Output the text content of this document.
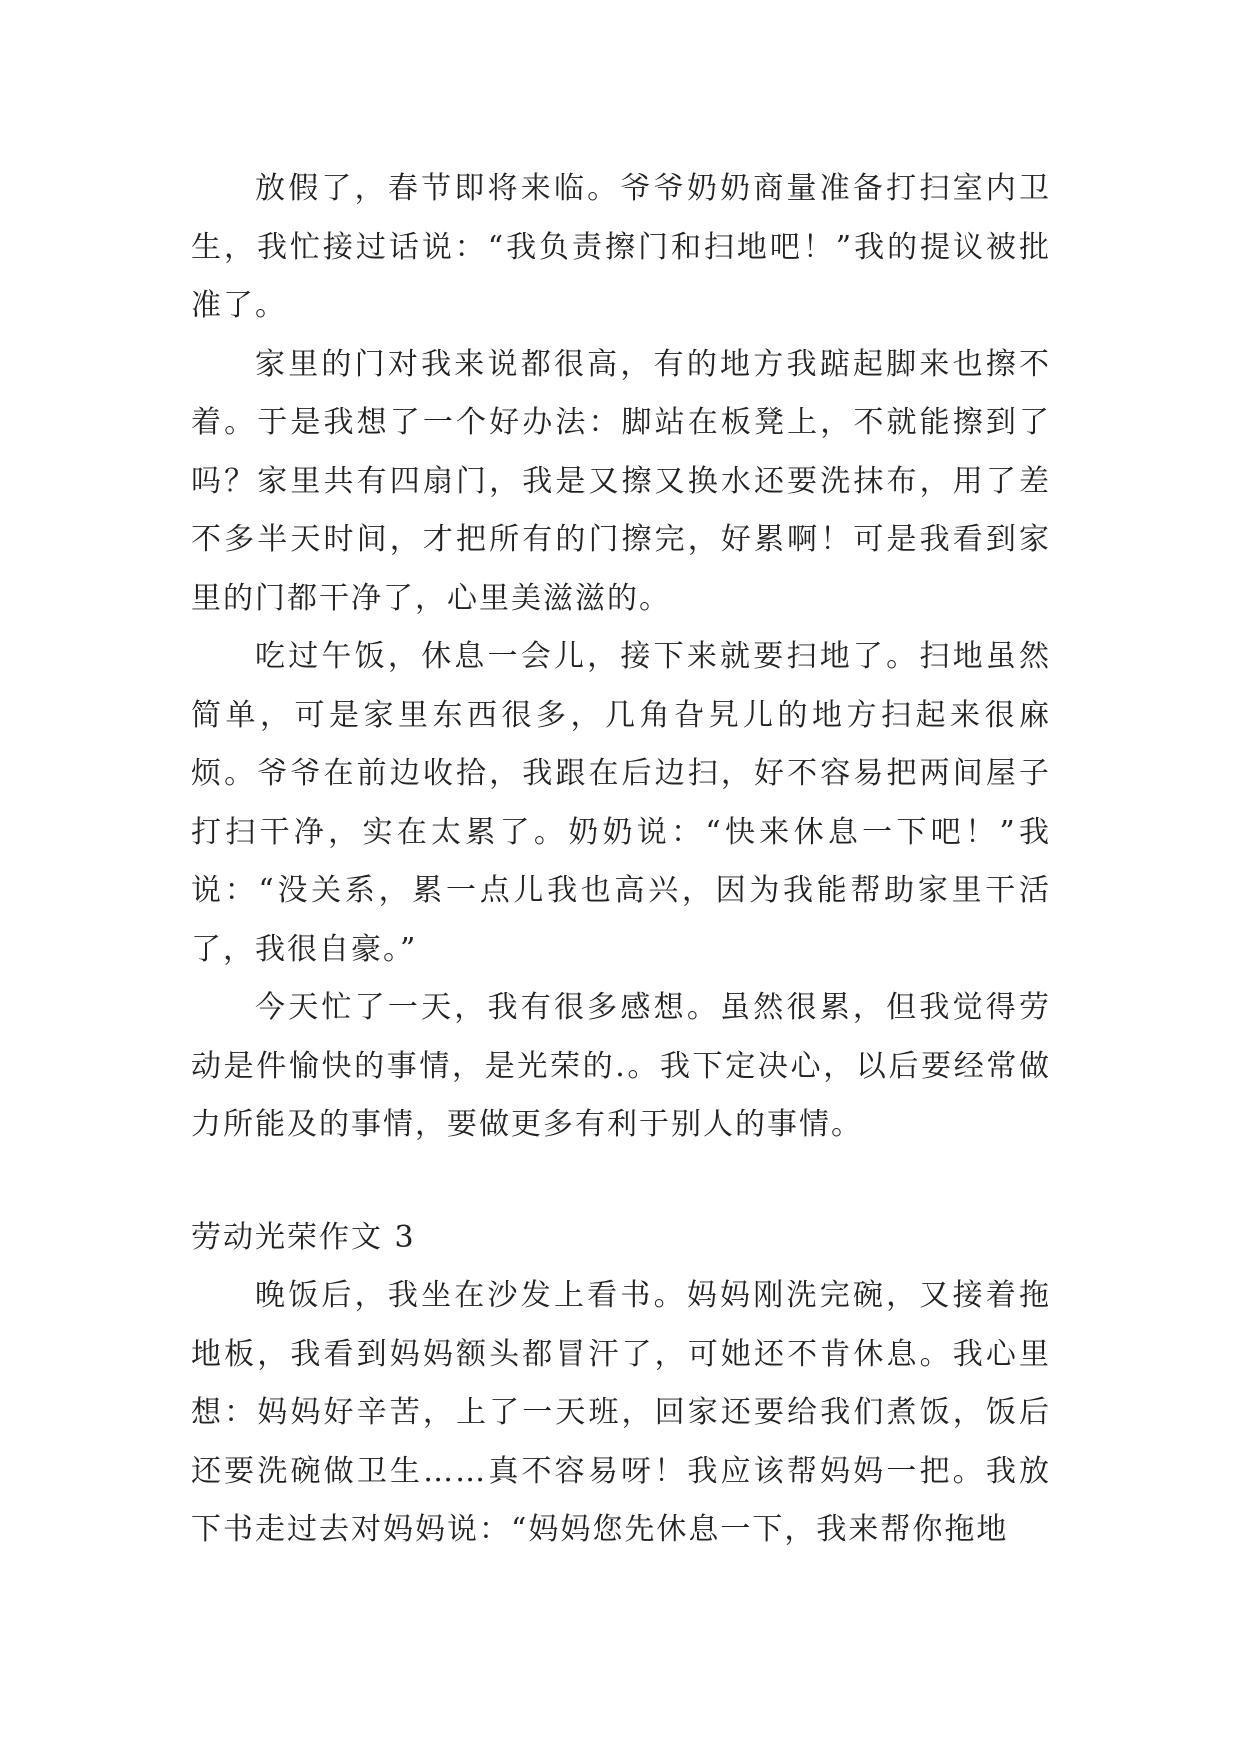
放假了，春节即将来临。爷爷奶奶商量准备打扫室内卫生，我忙接过话说：“我负责擦门和扫地吧！”我的提议被批准了。

家里的门对我来说都很高，有的地方我踮起脚来也擦不着。于是我想了一个好办法：脚站在板凳上，不就能擦到了吗？家里共有四扇门，我是又擦又换水还要洗抹布，用了差不多半天时间，才把所有的门擦完，好累啊！可是我看到家里的门都干净了，心里美滋滋的。

吃过午饭，休息一会儿，接下来就要扫地了。扫地虽然简单，可是家里东西很多，几角旮旯儿的地方扫起来很麻烦。爷爷在前边收拾，我跟在后边扫，好不容易把两间屋子打扫干净，实在太累了。奶奶说：“快来休息一下吧！”我说：“没关系，累一点儿我也高兴，因为我能帮助家里干活了，我很自豪。”

今天忙了一天，我有很多感想。虽然很累，但我觉得劳动是件愉快的事情，是光荣的.。我下定决心，以后要经常做力所能及的事情，要做更多有利于别人的事情。

劳动光荣作文 3

晚饭后，我坐在沙发上看书。妈妈刚洗完碗，又接着拖地板，我看到妈妈额头都冒汗了，可她还不肯休息。我心里想：妈妈好辛苦，上了一天班，回家还要给我们煮饭，饭后还要洗碗做卫生……真不容易呀！我应该帮妈妈一把。我放下书走过去对妈妈说：“妈妈您先休息一下，我来帮你拖地
